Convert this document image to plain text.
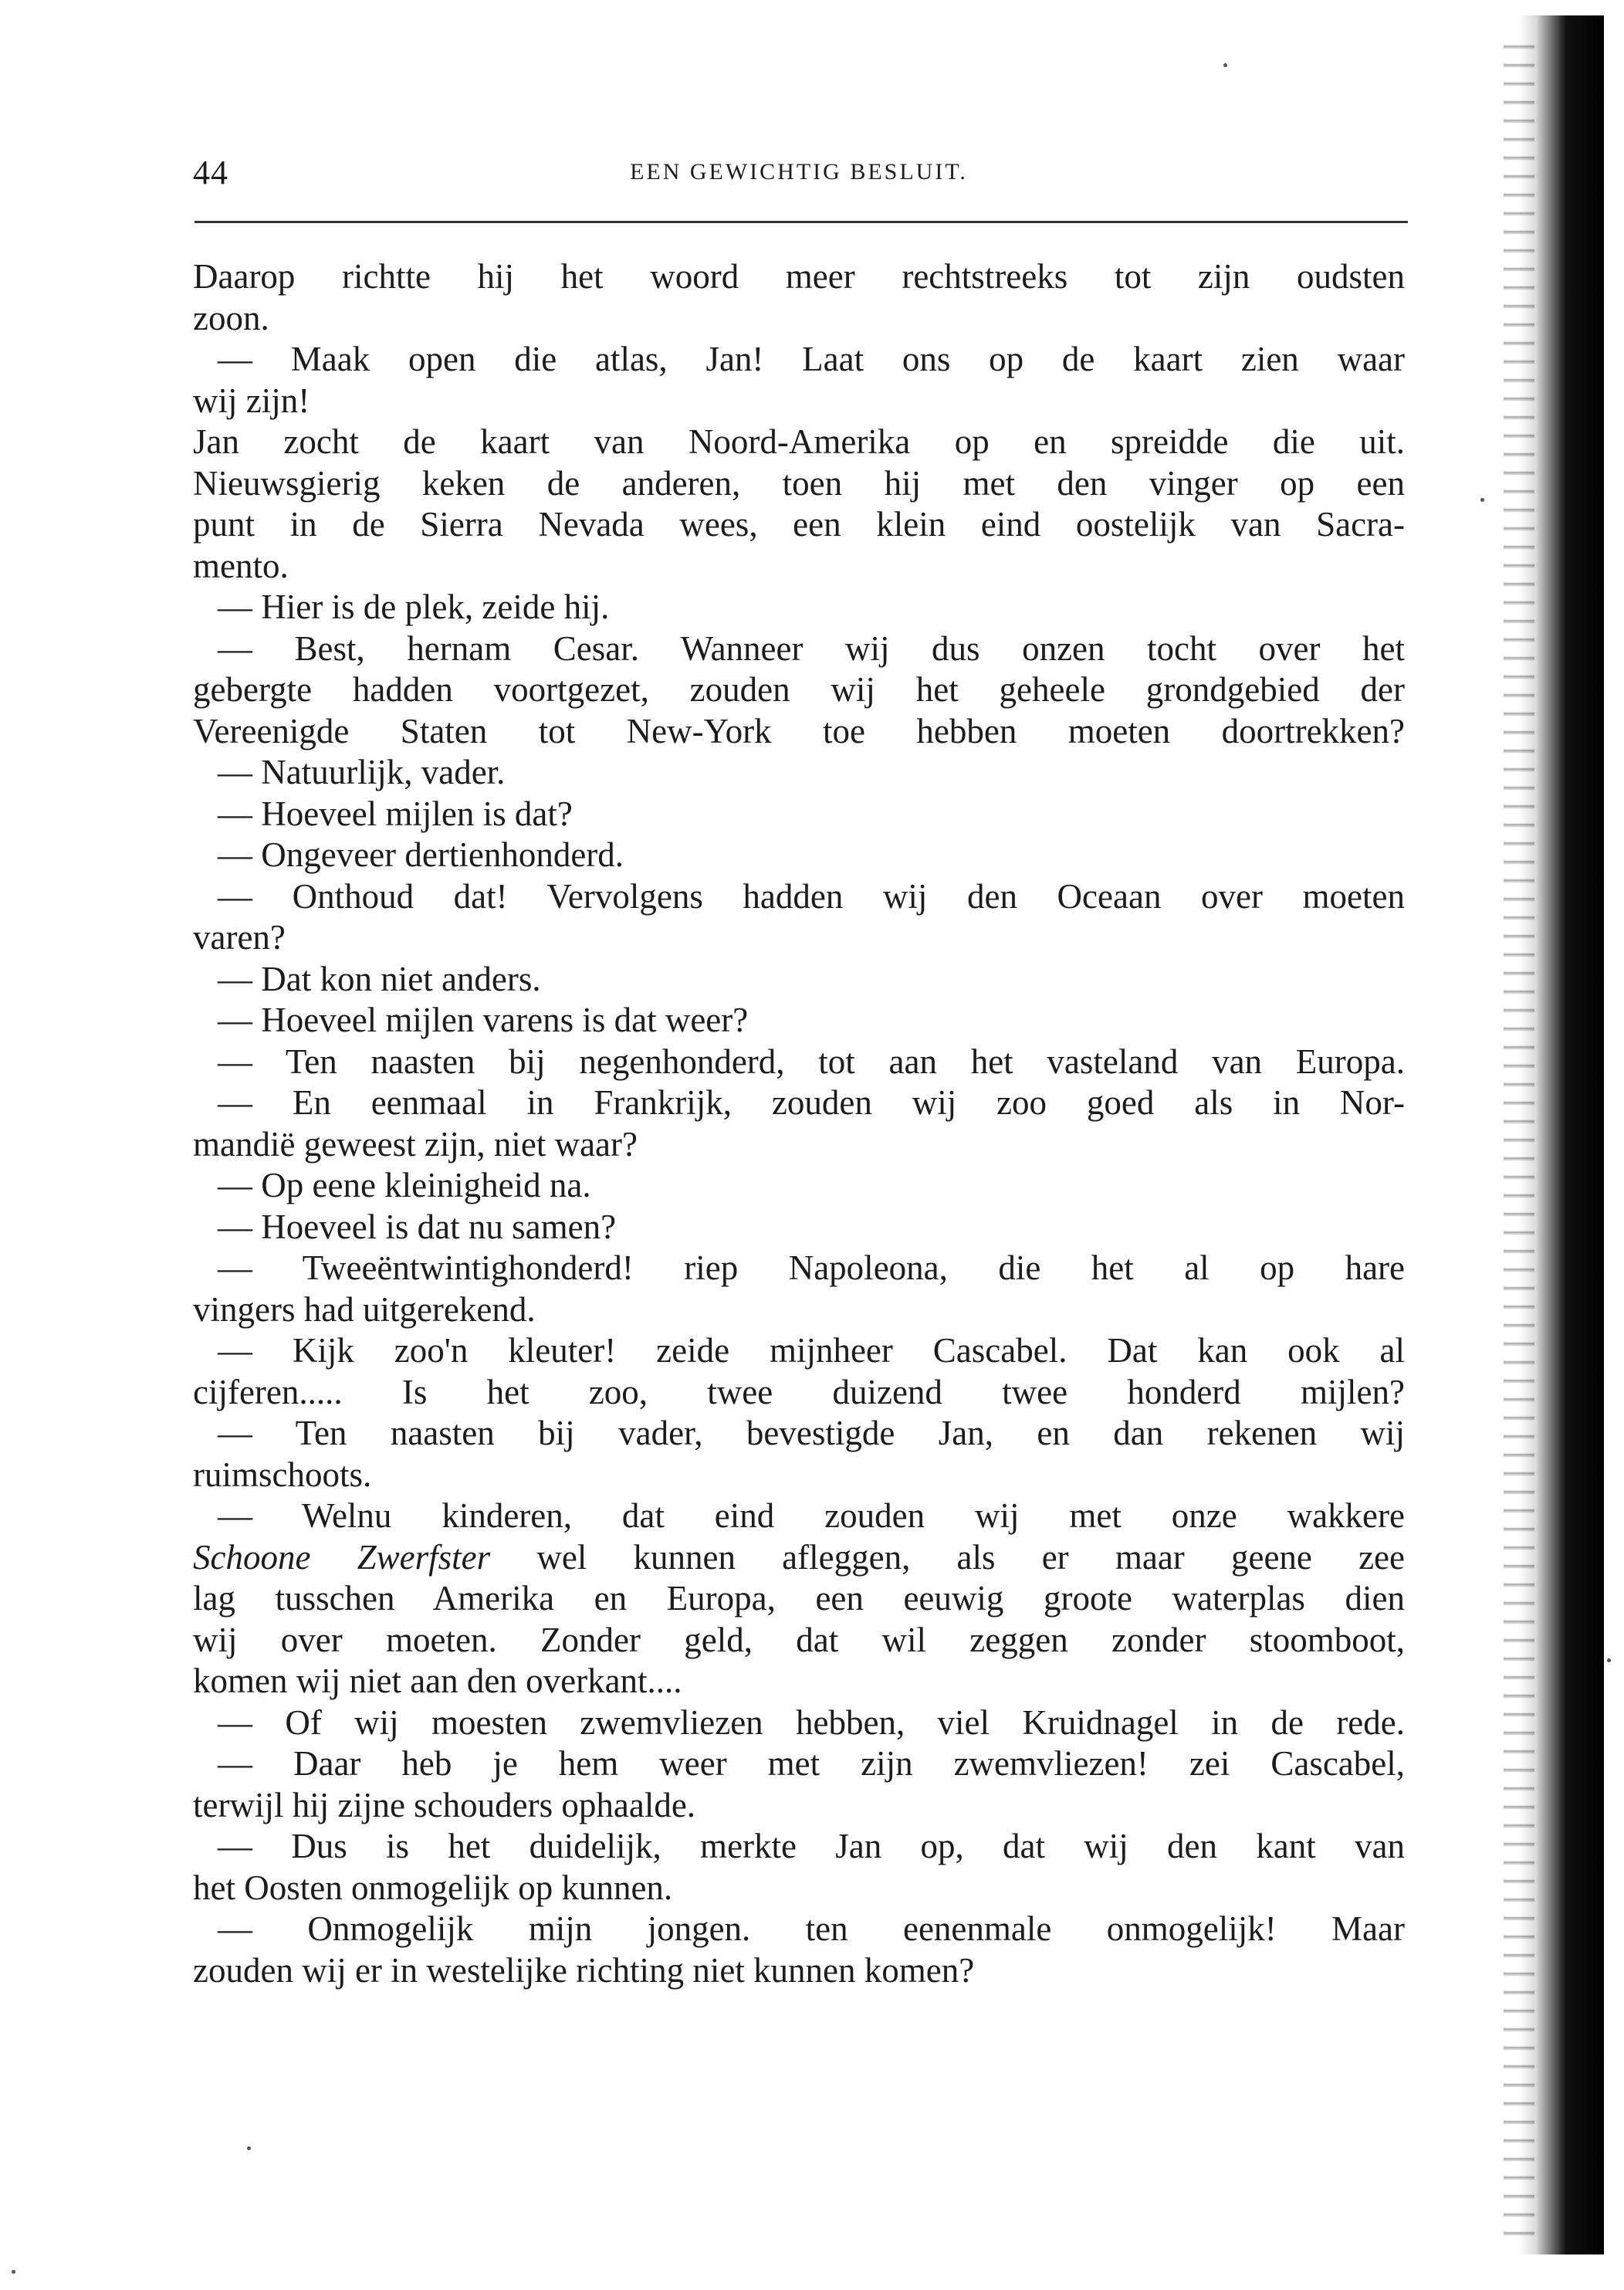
44	EEN GEWICHTIG BESLUIT.
Daarop richtte hij het woord meer rechtstreeks tot zijn oudsten
zoon.
— Maak open die atlas, Jan! Laat ons op de kaart zien waar
wij zijn!
Jan zocht de kaart van Noord-Amerika op en spreidde die uit.
Nieuwsgierig keken de anderen, toen hij met den vinger op een
punt in de Sierra Nevada wees, een klein eind oostelijk van Sacra-
mento.
— Hier is de plek, zeide hij.
— Best, hernam Cesar. Wanneer wij dus onzen tocht over het
gebergte hadden voortgezet, zouden wij het geheele grondgebied der
Vereenigde Staten tot New-York toe hebben moeten doortrekken?
— Natuurlijk, vader.
— Hoeveel mijlen is dat?
— Ongeveer dertienhonderd.
— Onthoud dat! Vervolgens hadden wij den Oceaan over moeten
varen?
— Dat kon niet anders.
— Hoeveel mijlen varens is dat weer?
— Ten naasten bij negenhonderd, tot aan het vasteland van Europa.
— En eenmaal in Frankrijk, zouden wij zoo goed als in Nor-
mandië geweest zijn, niet waar?
— Op eene kleinigheid na.
— Hoeveel is dat nu samen?
— Tweeëntwintighonderd! riep Napoleona, die het al op hare
vingers had uitgerekend.
— Kijk zoo'n kleuter! zeide mijnheer Cascabel. Dat kan ook al
cijferen..... Is het zoo, twee duizend twee honderd mijlen?
— Ten naasten bij vader, bevestigde Jan, en dan rekenen wij
ruimschoots.
— Welnu kinderen, dat eind zouden wij met onze wakkere
Schoone Zwerfster wel kunnen afleggen, als er maar geene zee
lag tusschen Amerika en Europa, een eeuwig groote waterplas dien
wij over moeten. Zonder geld, dat wil zeggen zonder stoomboot,
komen wij niet aan den overkant....
— Of wij moesten zwemvliezen hebben, viel Kruidnagel in de rede.
— Daar heb je hem weer met zijn zwemvliezen! zei Cascabel,
terwijl hij zijne schouders ophaalde.
— Dus is het duidelijk, merkte Jan op, dat wij den kant van
het Oosten onmogelijk op kunnen.
— Onmogelijk mijn jongen. ten eenenmale onmogelijk! Maar
zouden wij er in westelijke richting niet kunnen komen?
